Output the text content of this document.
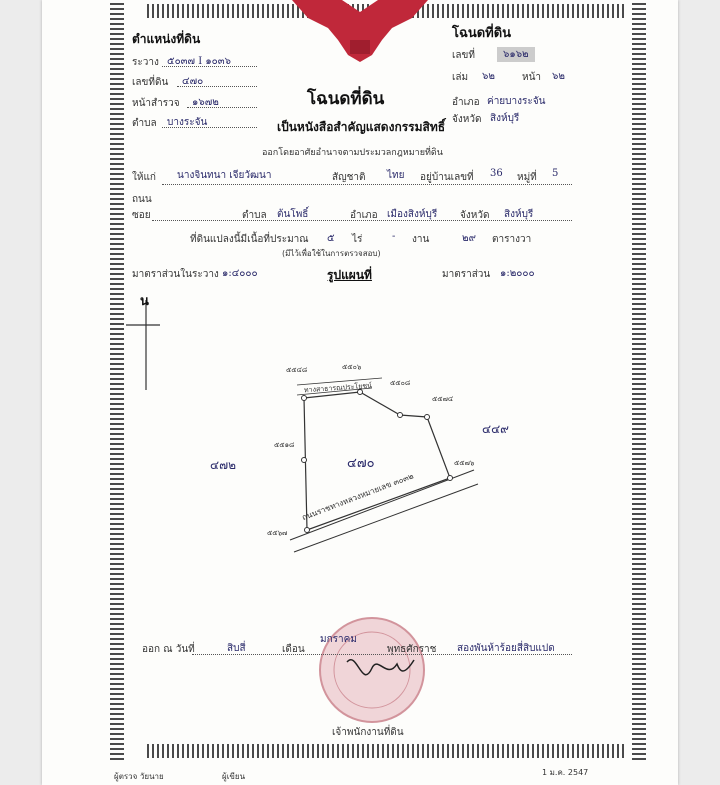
ตำแหน่งที่ดิน	โฉนดที่ดิน
ระวาง ๕๐๓๗ I ๑๐๓๖
เลขที่ดิน ๔๗๐
หน้าสำรวจ ๑๖๗๒
ตำบล บางระจัน
เลขที่	๖๑๖๒
เล่ม ๖๒	หน้า ๖๒
อำเภอ ค่ายบางระจัน
จังหวัด สิงห์บุรี
โฉนดที่ดิน
เป็นหนังสือสำคัญแสดงกรรมสิทธิ์
ออกโดยอาศัยอำนาจตามประมวลกฎหมายที่ดิน
ให้แก่ นางจินทนา เจียวัฒนา	สัญชาติ ไทย อยู่บ้านเลขที่ 36 หมู่ที่ 5
ถนน
ซอย	ตำบล ต้นโพธิ์	อำเภอ เมืองสิงห์บุรี จังหวัด สิงห์บุรี
ที่ดินแปลงนี้มีเนื้อที่ประมาณ ๕ ไร่	- งาน	๒๙ ตารางวา
(มีไว้เพื่อใช้ในการตรวจสอบ)
มาตราส่วนในระวาง ๑:๔๐๐๐	รูปแผนที่	มาตราส่วน ๑:๒๐๐๐
น
๔๗๐
๔๗๒
๔๔๙
๕๕๔๘	๕๕๐๖
๕๕๐๘
๕๕๗๔
๕๕๗๖
๕๕๑๘
๕๕๖๗
ทางสาธารณประโยชน์
ถนนราชทางหลวงหมายเลข ๓๐๓๒
ออก ณ วันที่	สิบสี่	เดือน
มกราคม
พุทธศักราช สองพันห้าร้อยสี่สิบแปด
เจ้าพนักงานที่ดิน
ผู้ตรวจ วัยนาย	ผู้เขียน	1 ม.ค. 2547
